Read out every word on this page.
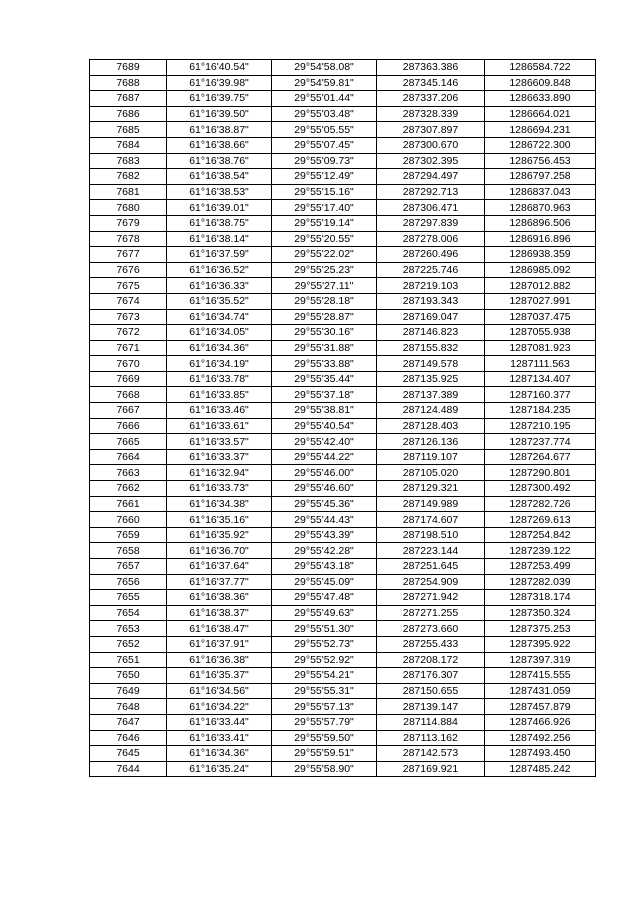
7689	61°16'40.54"	29°54'58.08"	287363.386	1286584.722
7688	61°16'39.98"	29°54'59.81"	287345.146	1286609.848
7687	61°16'39.75"	29°55'01.44"	287337.206	1286633.890
7686	61°16'39.50"	29°55'03.48"	287328.339	1286664.021
7685	61°16'38.87"	29°55'05.55"	287307.897	1286694.231
7684	61°16'38.66"	29°55'07.45"	287300.670	1286722.300
7683	61°16'38.76"	29°55'09.73"	287302.395	1286756.453
7682	61°16'38.54"	29°55'12.49"	287294.497	1286797.258
7681	61°16'38.53"	29°55'15.16"	287292.713	1286837.043
7680	61°16'39.01"	29°55'17.40"	287306.471	1286870.963
7679	61°16'38.75"	29°55'19.14"	287297.839	1286896.506
7678	61°16'38.14"	29°55'20.55"	287278.006	1286916.896
7677	61°16'37.59"	29°55'22.02"	287260.496	1286938.359
7676	61°16'36.52"	29°55'25.23"	287225.746	1286985.092
7675	61°16'36.33"	29°55'27.11"	287219.103	1287012.882
7674	61°16'35.52"	29°55'28.18"	287193.343	1287027.991
7673	61°16'34.74"	29°55'28.87"	287169.047	1287037.475
7672	61°16'34.05"	29°55'30.16"	287146.823	1287055.938
7671	61°16'34.36"	29°55'31.88"	287155.832	1287081.923
7670	61°16'34.19"	29°55'33.88"	287149.578	1287111.563
7669	61°16'33.78"	29°55'35.44"	287135.925	1287134.407
7668	61°16'33.85"	29°55'37.18"	287137.389	1287160.377
7667	61°16'33.46"	29°55'38.81"	287124.489	1287184.235
7666	61°16'33.61"	29°55'40.54"	287128.403	1287210.195
7665	61°16'33.57"	29°55'42.40"	287126.136	1287237.774
7664	61°16'33.37"	29°55'44.22"	287119.107	1287264.677
7663	61°16'32.94"	29°55'46.00"	287105.020	1287290.801
7662	61°16'33.73"	29°55'46.60"	287129.321	1287300.492
7661	61°16'34.38"	29°55'45.36"	287149.989	1287282.726
7660	61°16'35.16"	29°55'44.43"	287174.607	1287269.613
7659	61°16'35.92"	29°55'43.39"	287198.510	1287254.842
7658	61°16'36.70"	29°55'42.28"	287223.144	1287239.122
7657	61°16'37.64"	29°55'43.18"	287251.645	1287253.499
7656	61°16'37.77"	29°55'45.09"	287254.909	1287282.039
7655	61°16'38.36"	29°55'47.48"	287271.942	1287318.174
7654	61°16'38.37"	29°55'49.63"	287271.255	1287350.324
7653	61°16'38.47"	29°55'51.30"	287273.660	1287375.253
7652	61°16'37.91"	29°55'52.73"	287255.433	1287395.922
7651	61°16'36.38"	29°55'52.92"	287208.172	1287397.319
7650	61°16'35.37"	29°55'54.21"	287176.307	1287415.555
7649	61°16'34.56"	29°55'55.31"	287150.655	1287431.059
7648	61°16'34.22"	29°55'57.13"	287139.147	1287457.879
7647	61°16'33.44"	29°55'57.79"	287114.884	1287466.926
7646	61°16'33.41"	29°55'59.50"	287113.162	1287492.256
7645	61°16'34.36"	29°55'59.51"	287142.573	1287493.450
7644	61°16'35.24"	29°55'58.90"	287169.921	1287485.242
